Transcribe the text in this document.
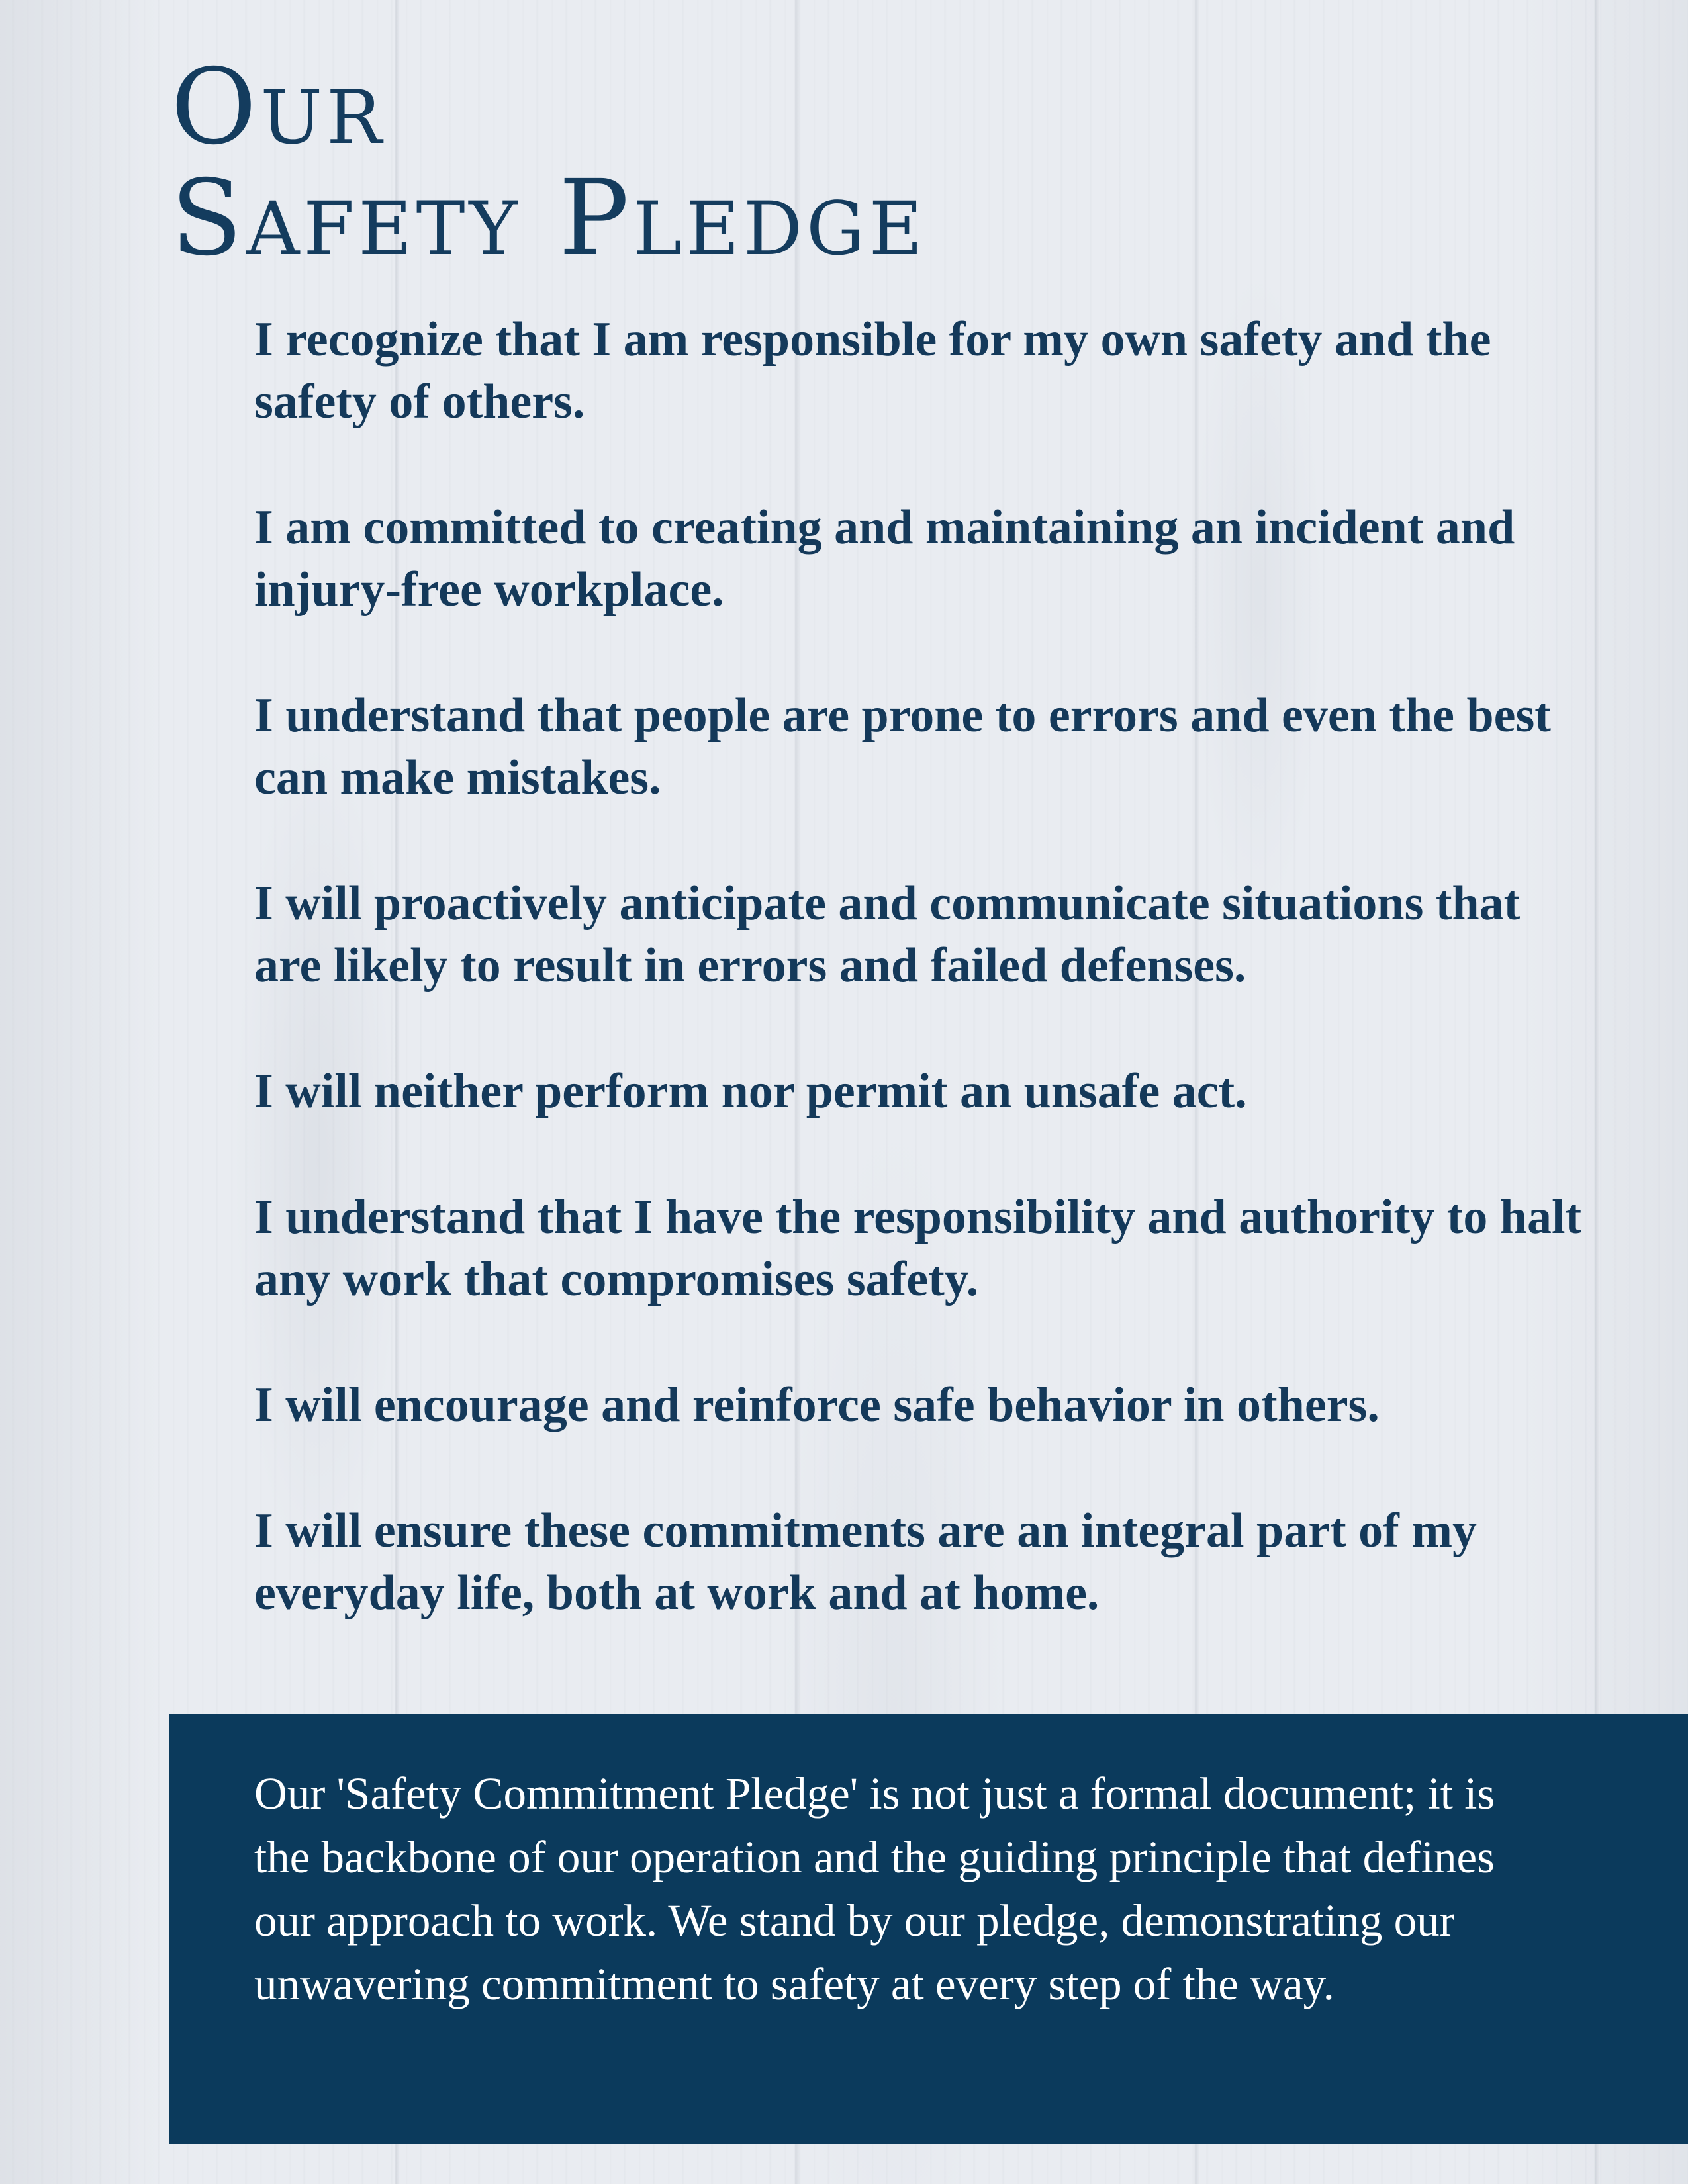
Our
Safety Pledge
I recognize that I am responsible for my own safety and the safety of others.
I am committed to creating and maintaining an incident and injury-free workplace.
I understand that people are prone to errors and even the best can make mistakes.
I will proactively anticipate and communicate situations that are likely to result in errors and failed defenses.
I will neither perform nor permit an unsafe act.
I understand that I have the responsibility and authority to halt any work that compromises safety.
I will encourage and reinforce safe behavior in others.
I will ensure these commitments are an integral part of my everyday life, both at work and at home.

Our 'Safety Commitment Pledge' is not just a formal document; it is the backbone of our operation and the guiding principle that defines our approach to work. We stand by our pledge, demonstrating our unwavering commitment to safety at every step of the way.
